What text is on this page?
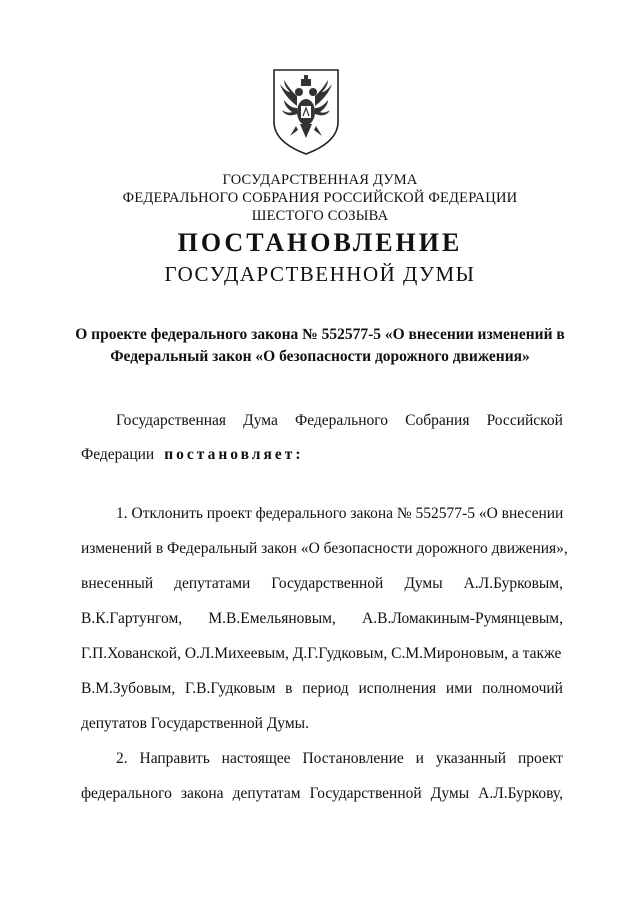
ГОСУДАРСТВЕННАЯ ДУМА
ФЕДЕРАЛЬНОГО СОБРАНИЯ РОССИЙСКОЙ ФЕДЕРАЦИИ
ШЕСТОГО СОЗЫВА
ПОСТАНОВЛЕНИЕ
ГОСУДАРСТВЕННОЙ ДУМЫ
О проекте федерального закона № 552577-5 «О внесении изменений в
Федеральный закон «О безопасности дорожного движения»
Государственная Дума Федерального Собрания Российской
Федерации постановляет:
1. Отклонить проект федерального закона № 552577-5 «О внесении
изменений в Федеральный закон «О безопасности дорожного движения»,
внесенный депутатами Государственной Думы А.Л.Бурковым,
В.К.Гартунгом, М.В.Емельяновым, А.В.Ломакиным-Румянцевым,
Г.П.Хованской, О.Л.Михеевым, Д.Г.Гудковым, С.М.Мироновым, а также
В.М.Зубовым, Г.В.Гудковым в период исполнения ими полномочий
депутатов Государственной Думы.
2. Направить настоящее Постановление и указанный проект
федерального закона депутатам Государственной Думы А.Л.Буркову,
